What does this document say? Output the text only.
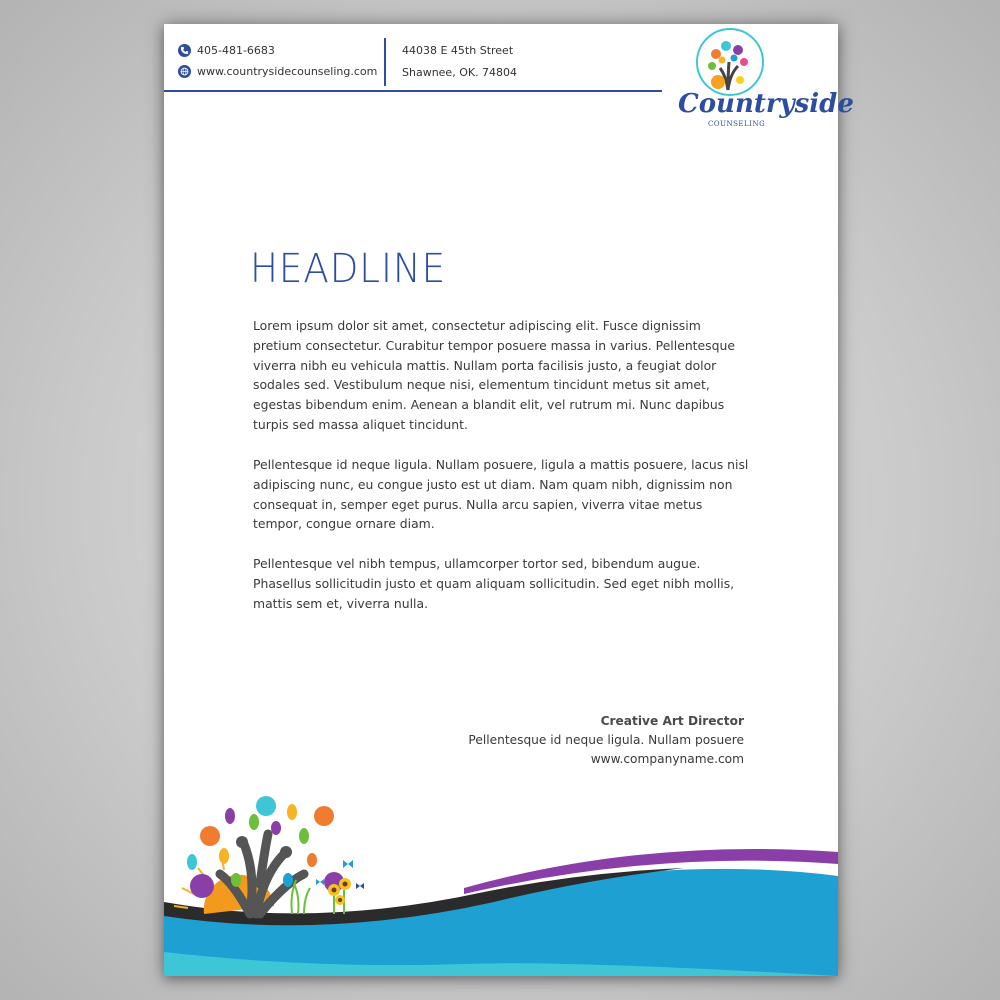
405-481-6683
www.countrysidecounseling.com
44038 E 45th Street
Shawnee, OK. 74804
Countryside
COUNSELING
HEADLINE

Lorem ipsum dolor sit amet, consectetur adipiscing elit. Fusce dignissim pretium consectetur. Curabitur tempor posuere massa in varius. Pellentesque viverra nibh eu vehicula mattis. Nullam porta facilisis justo, a feugiat dolor sodales sed. Vestibulum neque nisi, elementum tincidunt metus sit amet, egestas bibendum enim. Aenean a blandit elit, vel rutrum mi. Nunc dapibus turpis sed massa aliquet tincidunt.

Pellentesque id neque ligula. Nullam posuere, ligula a mattis posuere, lacus nisl adipiscing nunc, eu congue justo est ut diam. Nam quam nibh, dignissim non consequat in, semper eget purus. Nulla arcu sapien, viverra vitae metus tempor, congue ornare diam.

Pellentesque vel nibh tempus, ullamcorper tortor sed, bibendum augue. Phasellus sollicitudin justo et quam aliquam sollicitudin. Sed eget nibh mollis, mattis sem et, viverra nulla.

Creative Art Director
Pellentesque id neque ligula. Nullam posuere
www.companyname.com
